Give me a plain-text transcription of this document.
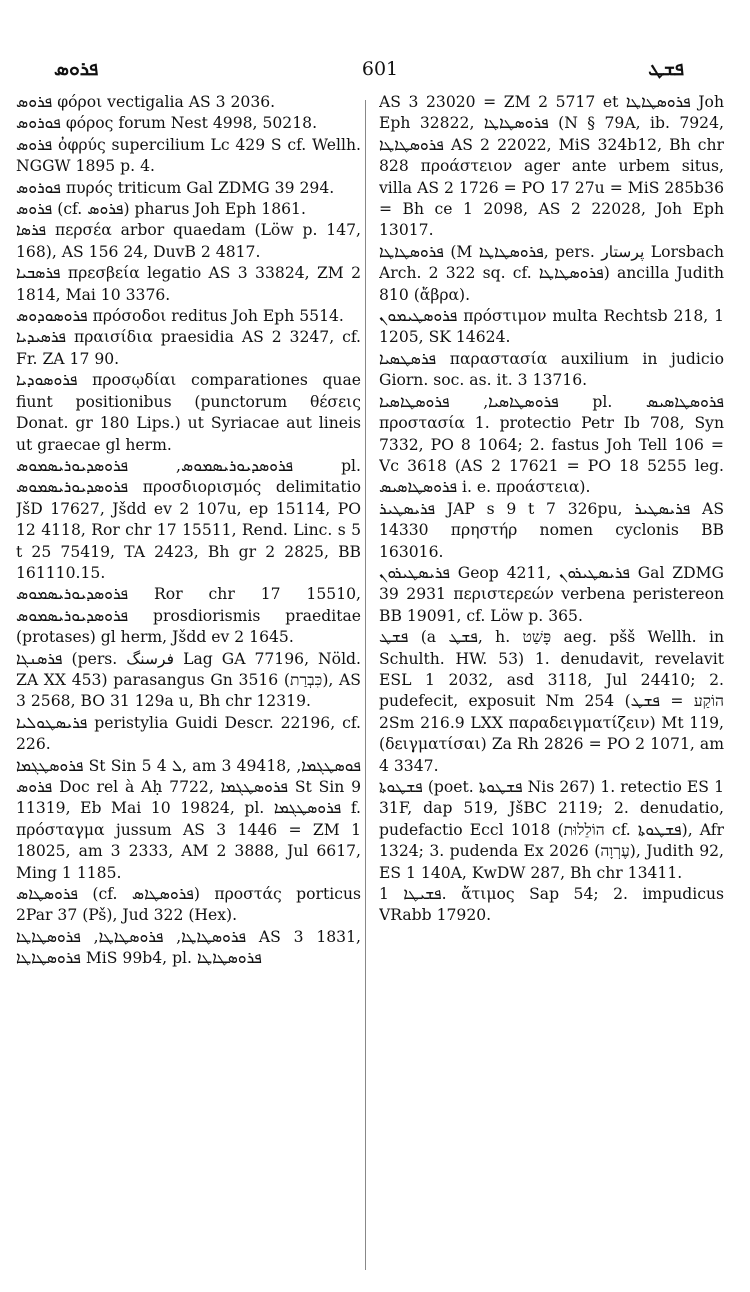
ܦܪܘܣ	601	ܦܫܛ

ܦܪܘܣ φόροι vectigalia AS 3 2036.

ܦܘܪܘܣ φόρος forum Nest 4998, 50218.

ܦܪܘܣ ὀφρύς supercilium Lc 429 S cf. Wellh. NGGW 1895 p. 4.

ܦܘܪܘܣ πυρός triticum Gal ZDMG 39 294.

ܦܪܘܣ (cf. ܦܪܘܣ) pharus Joh Eph 1861.

ܦܪܣܐ περσέα arbor quaedam (Löw p. 147, 168), AS 156 24, DuvB 2 4817.

ܦܪܣܒܝܐ πρεσβεία legatio AS 3 33824, ZM 2 1814, Mai 10 3376.

ܦܪܘܣܘܕܘܣ πρόσοδοι reditus Joh Eph 5514.

ܦܪܣܝܕܝܐ πραισίδια praesidia AS 2 3247, cf. Fr. ZA 17 90.

ܦܪܘܣܘܕܝܐ προσῳδίαι comparationes quae fiunt positionibus (punctorum θέσεις Donat. gr 180 Lips.) ut Syriacae aut lineis ut graecae gl herm.

ܦܪܘܣܕܝܘܪܝܣܡܘܣ, ܦܪܘܣܕܝܘܪܝܣܡܘܣ pl. ܦܪܘܣܕܝܘܪܝܣܡܘܣ προσδιορισμός delimitatio JšD 17627, Jšdd ev 2 107u, ep 15114, PO 12 4118, Ror chr 17 15511, Rend. Linc. s 5 t 25 75419, TA 2423, Bh gr 2 2825, BB 161110.15.

ܦܪܘܣܕܝܘܪܝܣܡܘܣ Ror chr 17 15510, ܦܪܘܣܕܝܘܪܝܣܡܘܣ prosdiorismis praeditae (protases) gl herm, Jšdd ev 2 1645.

ܦܪܣܢܓܐ (pers. فرسنگ Lag GA 77196, Nöld. ZA XX 453) parasangus Gn 3516 (כִּבְרַת), AS 3 2568, BO 31 129a u, Bh chr 12319.

ܦܪܝܣܛܘܠܝܐ peristylia Guidi Descr. 22196, cf. 226.

ܦܪܘܣܛܓܡܐ St Sin 5 ܠ 4, am 3 49418, ܦܘܣܛܓܡܐ, ܦܪܘܣ Doc rel à Aḥ 7722, ܦܪܘܣܛܓܡܐ St Sin 9 11319, Eb Mai 10 19824, pl. ܦܪܘܣܛܓܡܐ f. πρόσταγμα jussum AS 3 1446 = ZM 1 18025, am 3 2333, AM 2 3888, Jul 6617, Ming 1 1185.

ܦܪܘܣܛܐܣ (cf. ܦܪܘܣܛܐܣ) προστάς porticus 2Par 37 (Pš), Jud 322 (Hex).

ܦܪܘܣܛܐܛܐ, ܦܪܘܣܛܐܛܐ, ܦܪܘܣܛܐܛܐ AS 3 1831, ܦܪܘܣܛܐܛܐ MiS 99b4, pl. ܦܪܘܣܛܐܛܐ

AS 3 23020 = ZM 2 5717 et ܦܪܘܣܛܐܛܐ Joh Eph 32822, ܦܪܘܣܛܐܛܐ (N § 79A, ib. 7924, ܦܪܘܣܛܐܛܐ AS 2 22022, MiS 324b12, Bh chr 828 προάστειον ager ante urbem situs, villa AS 2 1726 = PO 17 27u = MiS 285b36 = Bh ce 1 2098, AS 2 22028, Joh Eph 13017.

ܦܪܘܣܛܐܛܐ (M ܦܪܘܣܛܐܛܐ, pers. پرستار Lorsbach Arch. 2 322 sq. cf. ܦܪܘܣܛܐܛܐ) ancilla Judith 810 (ἄβρα).

ܦܪܘܣܛܝܡܘܢ πρόστιμον multa Rechtsb 218, 1 1205, SK 14624.

ܦܪܣܛܣܝܐ παραστασία auxilium in judicio Giorn. soc. as. it. 3 13716.

ܦܪܘܣܛܐܣܝܐ, ܦܪܘܣܛܐܣܝܐ pl. ܦܪܘܣܛܐܣܝܣ προστασία 1. protectio Petr Ib 708, Syn 7332, PO 8 1064; 2. fastus Joh Tell 106 = Vc 3618 (AS 2 17621 = PO 18 5255 leg. ܦܪܘܣܛܐܣܝܣ i. e. προάστεια).

ܦܪܝܣܛܝܪ JAP s 9 t 7 326pu, ܦܪܝܣܛܝܪ AS 14330 πρηστήρ nomen cyclonis BB 163016.

ܦܪܝܣܛܝܪܘܢ Geop 4211, ܦܪܝܣܛܝܪܘܢ Gal ZDMG 39 2931 περιστερεών verbena peristereon BB 19091, cf. Löw p. 365.

ܦܫܛ (a ܦܫܛ, h. פָּשַׁט aeg. pšš Wellh. in Schulth. HW. 53) 1. denudavit, revelavit ESL 1 2032, asd 3118, Jul 24410; 2. pudefecit, exposuit Nm 254 (הוֹקַע = ܦܫܛ 2Sm 216.9 LXX παραδειγματίζειν) Mt 119, (δειγματίσαι) Za Rh 2826 = PO 2 1071, am 4 3347.

ܦܫܛܘܬܐ (poet. ܦܫܛܘܬܐ Nis 267) 1. retectio ES 1 31F, dap 519, JšBC 2119; 2. denudatio, pudefactio Eccl 1018 (הוֹלֵלוּת cf. ܦܫܛܘܬܐ), Afr 1324; 3. pudenda Ex 2026 (עֶרְוָה), Judith 92, ES 1 140A, KwDW 287, Bh chr 13411.

ܦܫܝܛܐ 1. ἄτιμος Sap 54; 2. impudicus VRabb 17920.
